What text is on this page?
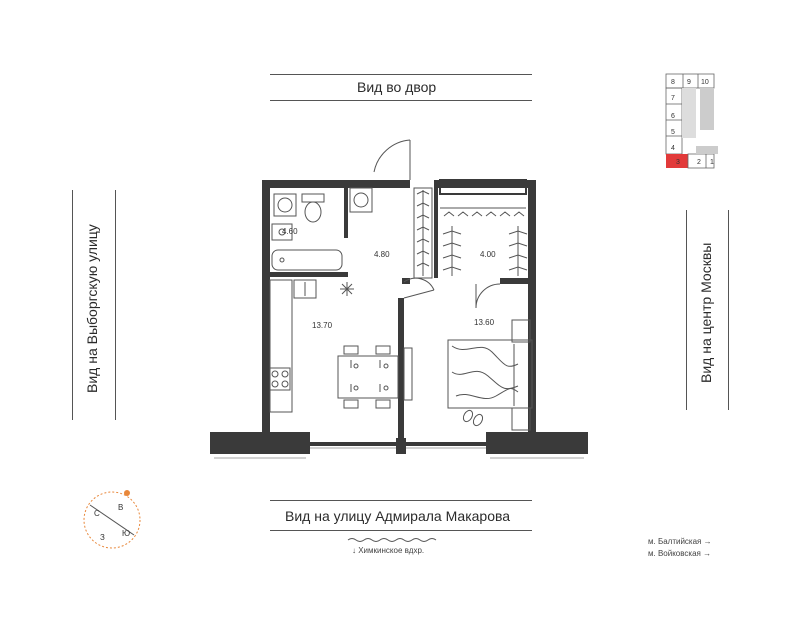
Вид во двор
Вид на Выборгскую улицу	Вид на центр Москвы
Вид на улицу Адмирала Макарова
4.60
4.80	4.00
13.70	13.60
8 9 10
7
6
5
4
3 2 1
С
В
Ю
З
↓ Химкинское вдхр.
м. Балтийская →
м. Войковская →
